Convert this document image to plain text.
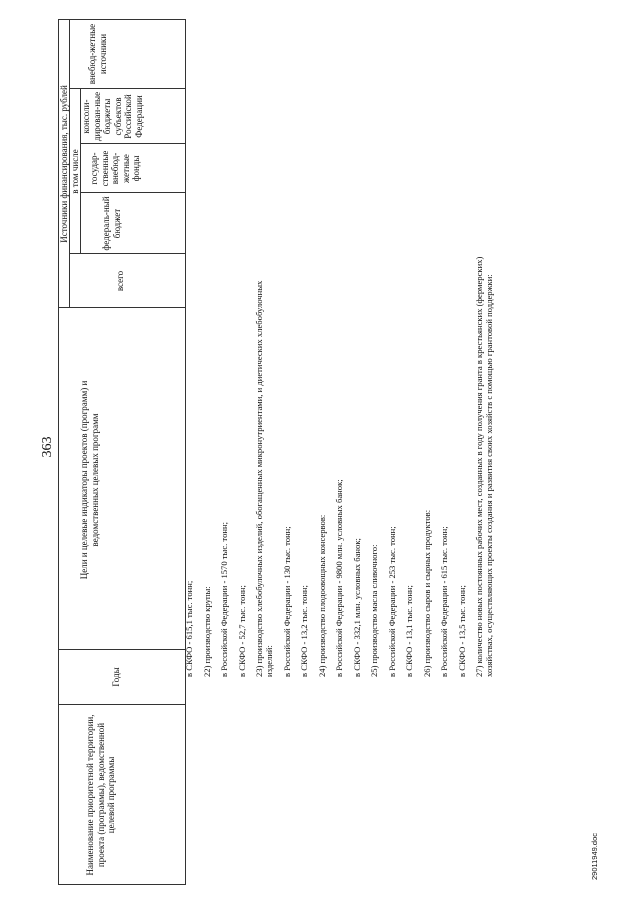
363
Наименование приоритетной территории, проекта (программы), ведомственной целевой программы
Годы
Цели и целевые индикаторы проектов (программ) и ведомственных целевых программ
Источники финансирования, тыс. рублей
всего
в том числе
федераль-ный бюджет
государ-ственные внебюд-жетные фонды
консоли-дирован-ные бюджеты субъектов Российской Федерации
внебюд-жетные источники

в СКФО - 615,1 тыс. тонн; 22) производство крупы: в Российской Федерации - 1570 тыс. тонн; в СКФО - 52,7 тыс. тонн; 23) производство хлебобулочных изделий, обогащенных микронутриентами, и диетических хлебобулочных изделий: в Российской Федерации - 130 тыс. тонн; в СКФО - 13,2 тыс. тонн; 24) производство плодоовощных консервов: в Российской Федерации - 9800 млн. условных банок; в СКФО - 332,1 млн. условных банок; 25) производство масла сливочного: в Российской Федерации - 253 тыс. тонн; в СКФО - 13,1 тыс. тонн; 26) производство сыров и сырных продуктов: в Российской Федерации - 615 тыс. тонн; в СКФО - 13,5 тыс. тонн; 27) количество новых постоянных рабочих мест, созданных в году получения гранта в крестьянских (фермерских) хозяйствах, осуществляющих проекты создания и развития своих хозяйств с помощью грантовой поддержки:

29011949.doc
